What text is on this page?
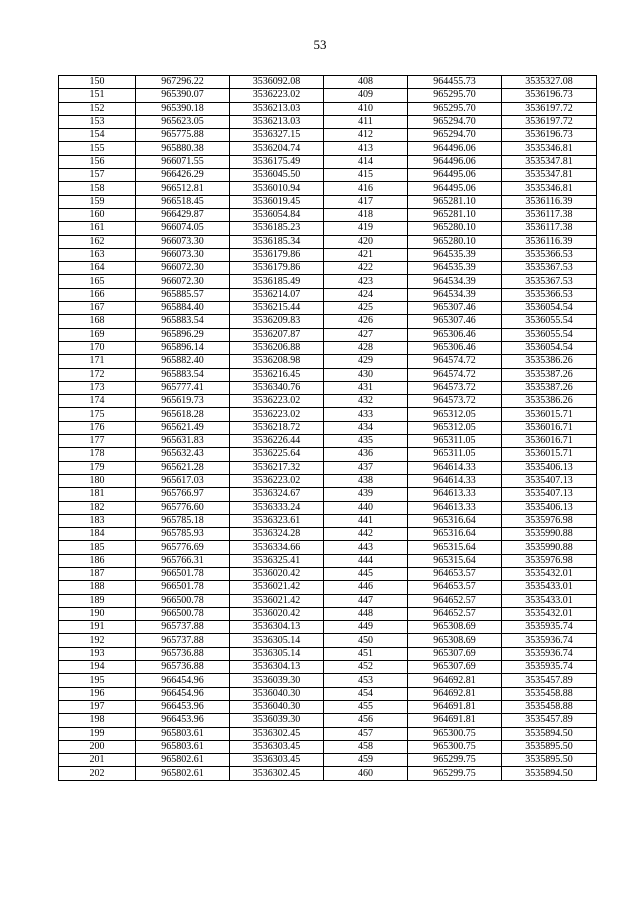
53
150	967296.22	3536092.08	408	964455.73	3535327.08
151	965390.07	3536223.02	409	965295.70	3536196.73
152	965390.18	3536213.03	410	965295.70	3536197.72
153	965623.05	3536213.03	411	965294.70	3536197.72
154	965775.88	3536327.15	412	965294.70	3536196.73
155	965880.38	3536204.74	413	964496.06	3535346.81
156	966071.55	3536175.49	414	964496.06	3535347.81
157	966426.29	3536045.50	415	964495.06	3535347.81
158	966512.81	3536010.94	416	964495.06	3535346.81
159	966518.45	3536019.45	417	965281.10	3536116.39
160	966429.87	3536054.84	418	965281.10	3536117.38
161	966074.05	3536185.23	419	965280.10	3536117.38
162	966073.30	3536185.34	420	965280.10	3536116.39
163	966073.30	3536179.86	421	964535.39	3535366.53
164	966072.30	3536179.86	422	964535.39	3535367.53
165	966072.30	3536185.49	423	964534.39	3535367.53
166	965885.57	3536214.07	424	964534.39	3535366.53
167	965884.40	3536215.44	425	965307.46	3536054.54
168	965883.54	3536209.83	426	965307.46	3536055.54
169	965896.29	3536207.87	427	965306.46	3536055.54
170	965896.14	3536206.88	428	965306.46	3536054.54
171	965882.40	3536208.98	429	964574.72	3535386.26
172	965883.54	3536216.45	430	964574.72	3535387.26
173	965777.41	3536340.76	431	964573.72	3535387.26
174	965619.73	3536223.02	432	964573.72	3535386.26
175	965618.28	3536223.02	433	965312.05	3536015.71
176	965621.49	3536218.72	434	965312.05	3536016.71
177	965631.83	3536226.44	435	965311.05	3536016.71
178	965632.43	3536225.64	436	965311.05	3536015.71
179	965621.28	3536217.32	437	964614.33	3535406.13
180	965617.03	3536223.02	438	964614.33	3535407.13
181	965766.97	3536324.67	439	964613.33	3535407.13
182	965776.60	3536333.24	440	964613.33	3535406.13
183	965785.18	3536323.61	441	965316.64	3535976.98
184	965785.93	3536324.28	442	965316.64	3535990.88
185	965776.69	3536334.66	443	965315.64	3535990.88
186	965766.31	3536325.41	444	965315.64	3535976.98
187	966501.78	3536020.42	445	964653.57	3535432.01
188	966501.78	3536021.42	446	964653.57	3535433.01
189	966500.78	3536021.42	447	964652.57	3535433.01
190	966500.78	3536020.42	448	964652.57	3535432.01
191	965737.88	3536304.13	449	965308.69	3535935.74
192	965737.88	3536305.14	450	965308.69	3535936.74
193	965736.88	3536305.14	451	965307.69	3535936.74
194	965736.88	3536304.13	452	965307.69	3535935.74
195	966454.96	3536039.30	453	964692.81	3535457.89
196	966454.96	3536040.30	454	964692.81	3535458.88
197	966453.96	3536040.30	455	964691.81	3535458.88
198	966453.96	3536039.30	456	964691.81	3535457.89
199	965803.61	3536302.45	457	965300.75	3535894.50
200	965803.61	3536303.45	458	965300.75	3535895.50
201	965802.61	3536303.45	459	965299.75	3535895.50
202	965802.61	3536302.45	460	965299.75	3535894.50
